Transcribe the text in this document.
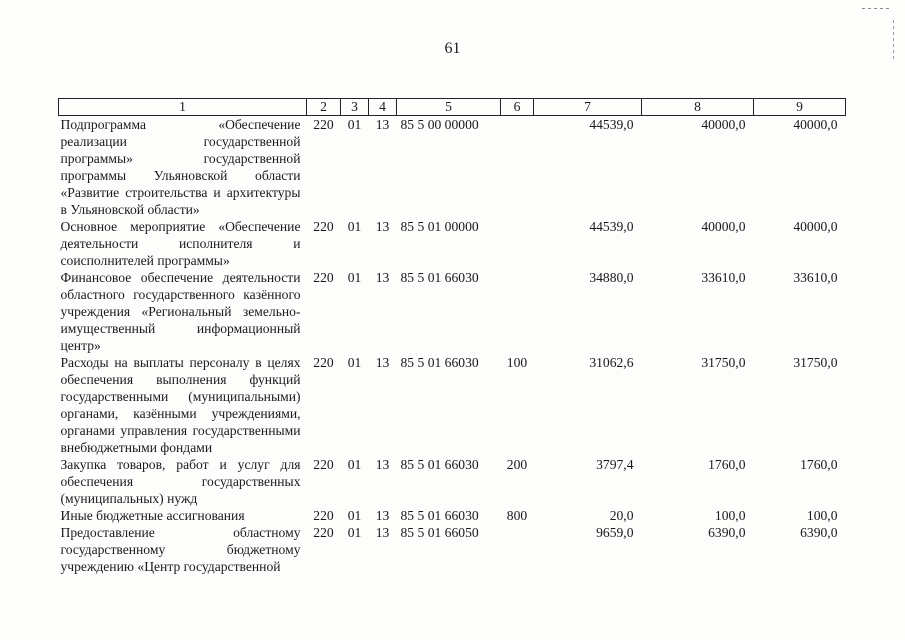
61
1	2	3	4	5	6	7	8	9
Подпрограмма «Обеспечение реализации государственной программы» государственной программы Ульяновской области «Развитие строительства и архитектуры в Ульяновской области»	220	01	13	85 5 00 00000		44539,0	40000,0	40000,0
Основное мероприятие «Обеспечение деятельности исполнителя и соисполнителей программы»	220	01	13	85 5 01 00000		44539,0	40000,0	40000,0
Финансовое обеспечение деятельности областного государственного казённого учреждения «Региональный земельно-имущественный информационный центр»	220	01	13	85 5 01 66030		34880,0	33610,0	33610,0
Расходы на выплаты персоналу в целях обеспечения выполнения функций государственными (муниципальными) органами, казёнными учреждениями, органами управления государственными внебюджетными фондами	220	01	13	85 5 01 66030	100	31062,6	31750,0	31750,0
Закупка товаров, работ и услуг для обеспечения государственных (муниципальных) нужд	220	01	13	85 5 01 66030	200	3797,4	1760,0	1760,0
Иные бюджетные ассигнования	220	01	13	85 5 01 66030	800	20,0	100,0	100,0
Предоставление областному государственному бюджетному учреждению «Центр государственной	220	01	13	85 5 01 66050		9659,0	6390,0	6390,0
